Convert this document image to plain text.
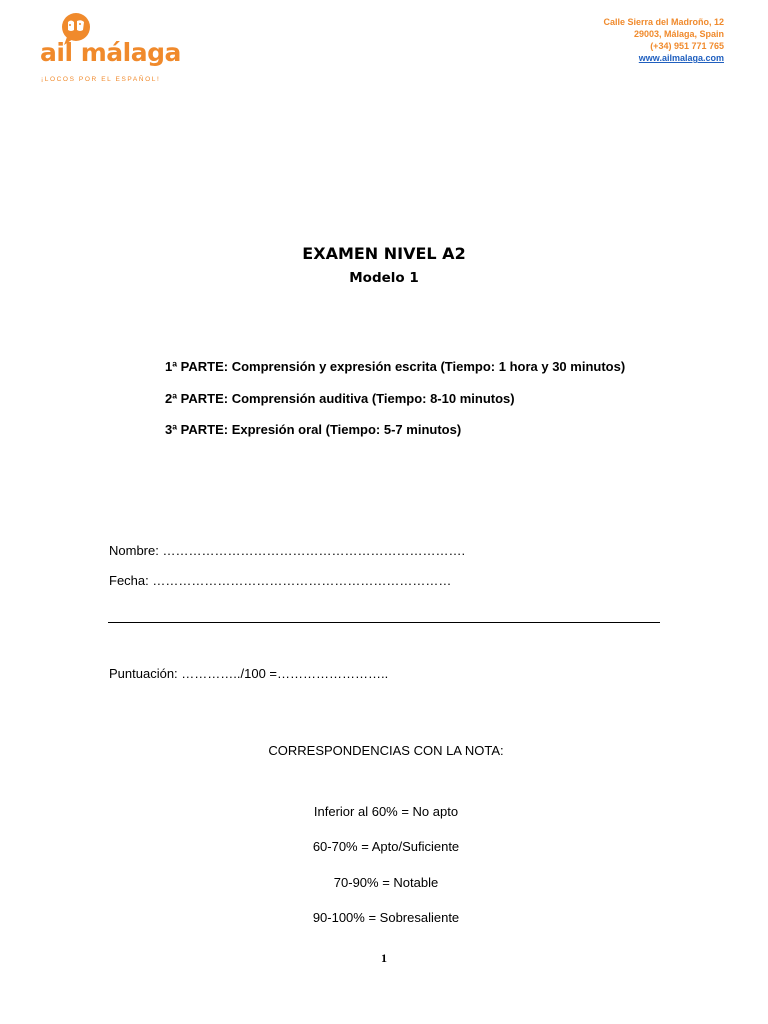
ail málaga
¡LOCOS POR EL ESPAÑOL!
Calle Sierra del Madroño, 12
29003, Málaga, Spain
(+34) 951 771 765
www.ailmalaga.com
EXAMEN NIVEL A2
Modelo 1

1ª PARTE: Comprensión y expresión escrita (Tiempo: 1 hora y 30 minutos)

2ª PARTE: Comprensión auditiva (Tiempo: 8-10 minutos)

3ª PARTE: Expresión oral (Tiempo: 5-7 minutos)

Nombre: …………………………………………………………….
Fecha: ……………………………………………………………
Puntuación: …………../100 =……………………..
CORRESPONDENCIAS CON LA NOTA:
Inferior al 60% = No apto
60-70% = Apto/Suficiente
70-90% = Notable
90-100% = Sobresaliente
1
